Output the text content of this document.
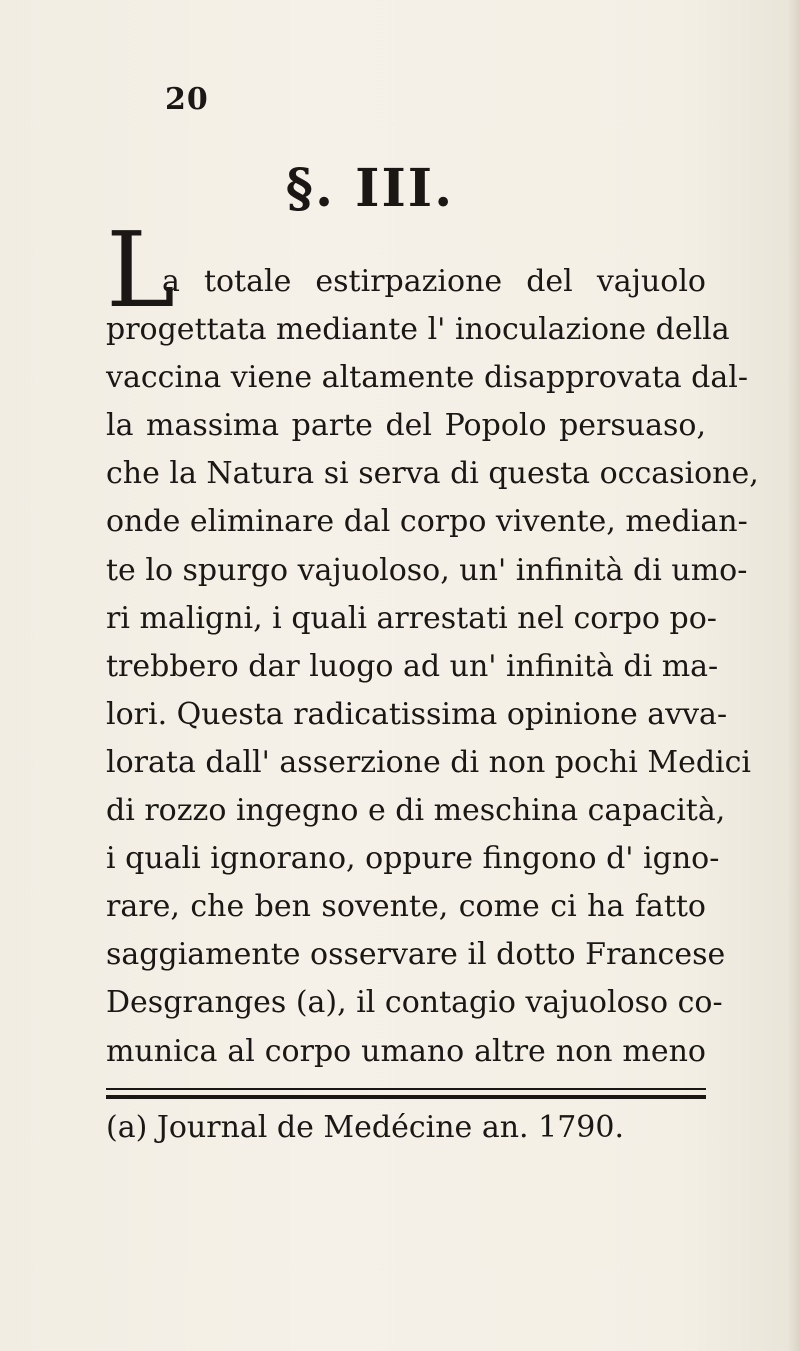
20
§. III.
L
a totale estirpazione del vajuolo
progettata mediante l' inoculazione della
vaccina viene altamente disapprovata dal-
la massima parte del Popolo persuaso,
che la Natura si serva di questa occasione,
onde eliminare dal corpo vivente, median-
te lo spurgo vajuoloso, un' infinità di umo-
ri maligni, i quali arrestati nel corpo po-
trebbero dar luogo ad un' infinità di ma-
lori. Questa radicatissima opinione avva-
lorata dall' asserzione di non pochi Medici
di rozzo ingegno e di meschina capacità,
i quali ignorano, oppure fingono d' igno-
rare, che ben sovente, come ci ha fatto
saggiamente osservare il dotto Francese
Desgranges (a), il contagio vajuoloso co-
munica al corpo umano altre non meno
(a) Journal de Medécine an. 1790.
